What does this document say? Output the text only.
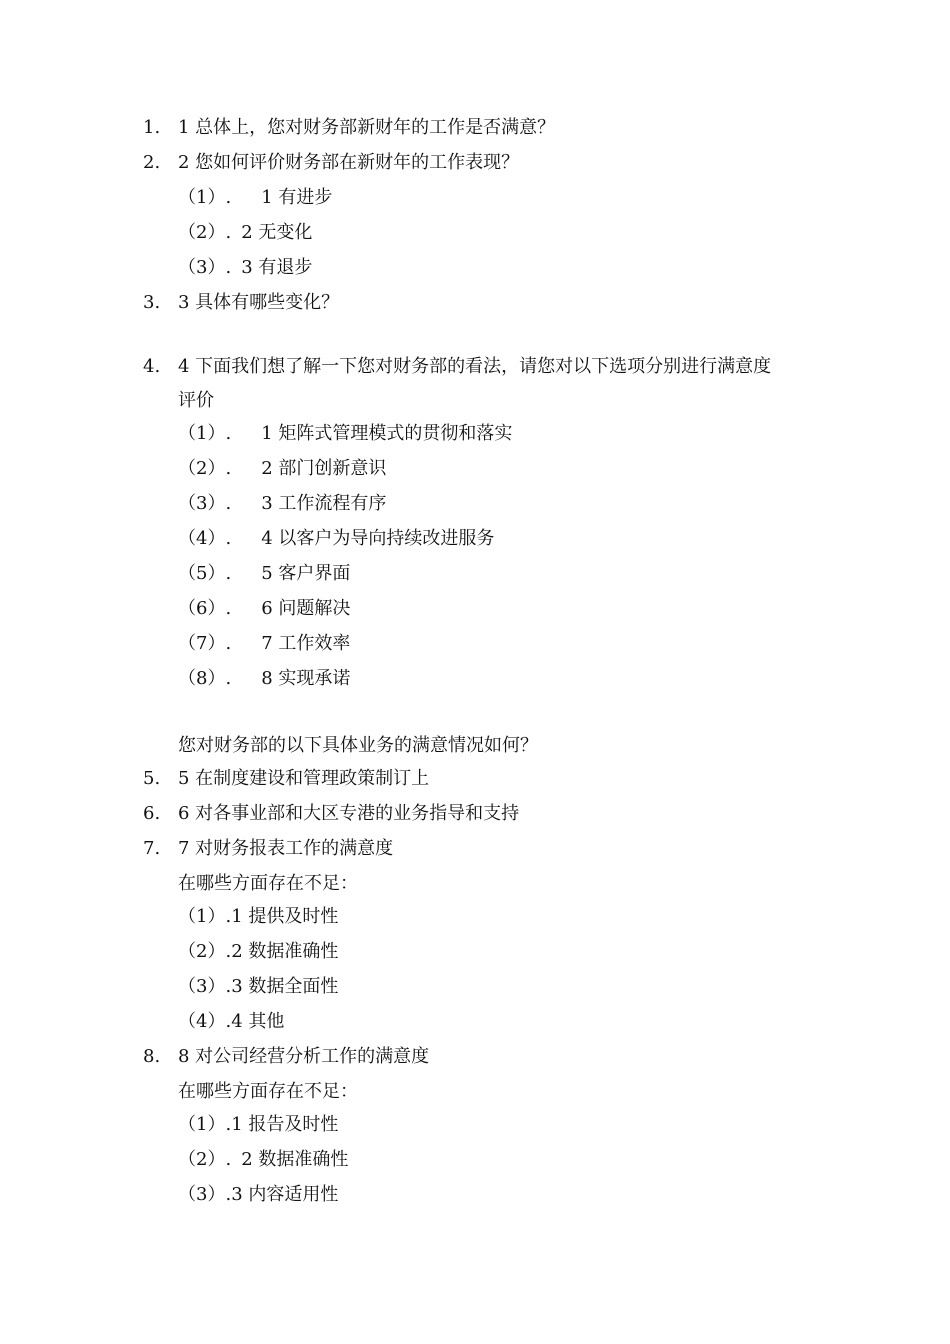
1. 1 总体上，您对财务部新财年的工作是否满意？
2. 2 您如何评价财务部在新财年的工作表现？
（1）. 1 有进步
（2）. 2 无变化
（3）. 3 有退步
3. 3 具体有哪些变化？
4. 4 下面我们想了解一下您对财务部的看法，请您对以下选项分别进行满意度
评价
（1）. 1 矩阵式管理模式的贯彻和落实
（2）. 2 部门创新意识
（3）. 3 工作流程有序
（4）. 4 以客户为导向持续改进服务
（5）. 5 客户界面
（6）. 6 问题解决
（7）. 7 工作效率
（8）. 8 实现承诺
您对财务部的以下具体业务的满意情况如何？
5. 5 在制度建设和管理政策制订上
6. 6 对各事业部和大区专港的业务指导和支持
7. 7 对财务报表工作的满意度
在哪些方面存在不足：
（1）.1 提供及时性
（2）.2 数据准确性
（3）.3 数据全面性
（4）.4 其他
8. 8 对公司经营分析工作的满意度
在哪些方面存在不足：
（1）.1 报告及时性
（2）. 2 数据准确性
（3）.3 内容适用性
